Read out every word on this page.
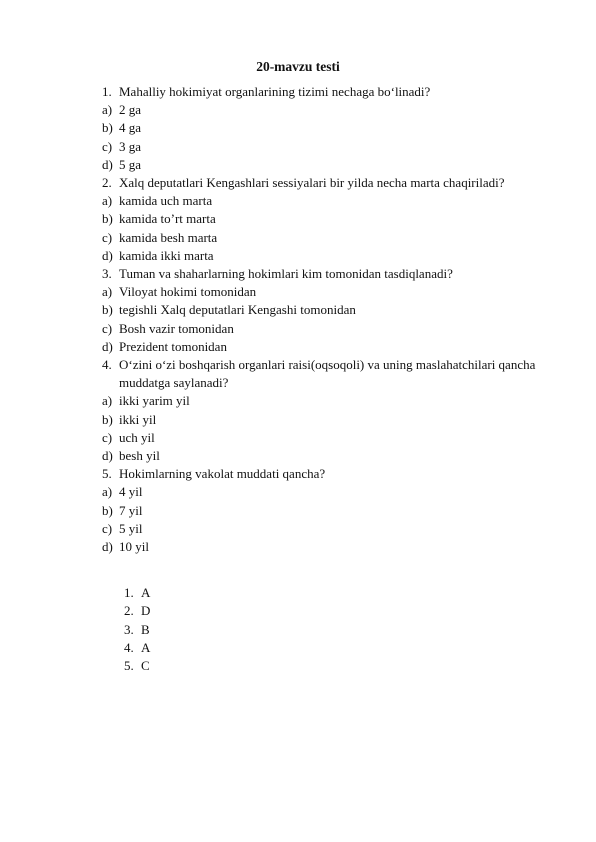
20-mavzu testi
1. Mahalliy hokimiyat organlarining tizimi nechaga bo‘linadi?
a) 2 ga
b) 4 ga
c) 3 ga
d) 5 ga
2. Xalq deputatlari Kengashlari sessiyalari bir yilda necha marta chaqiriladi?
a) kamida uch marta
b) kamida to’rt marta
c) kamida besh marta
d) kamida ikki marta
3. Tuman va shaharlarning hokimlari kim tomonidan tasdiqlanadi?
a) Viloyat hokimi tomonidan
b) tegishli Xalq deputatlari Kengashi tomonidan
c) Bosh vazir tomonidan
d) Prezident tomonidan
4. O‘zini o‘zi boshqarish organlari raisi(oqsoqoli) va uning maslahatchilari qancha muddatga saylanadi?
a) ikki yarim yil
b) ikki yil
c) uch yil
d) besh yil
5. Hokimlarning vakolat muddati qancha?
a) 4 yil
b) 7 yil
c) 5 yil
d) 10 yil
1. A
2. D
3. B
4. A
5. C
